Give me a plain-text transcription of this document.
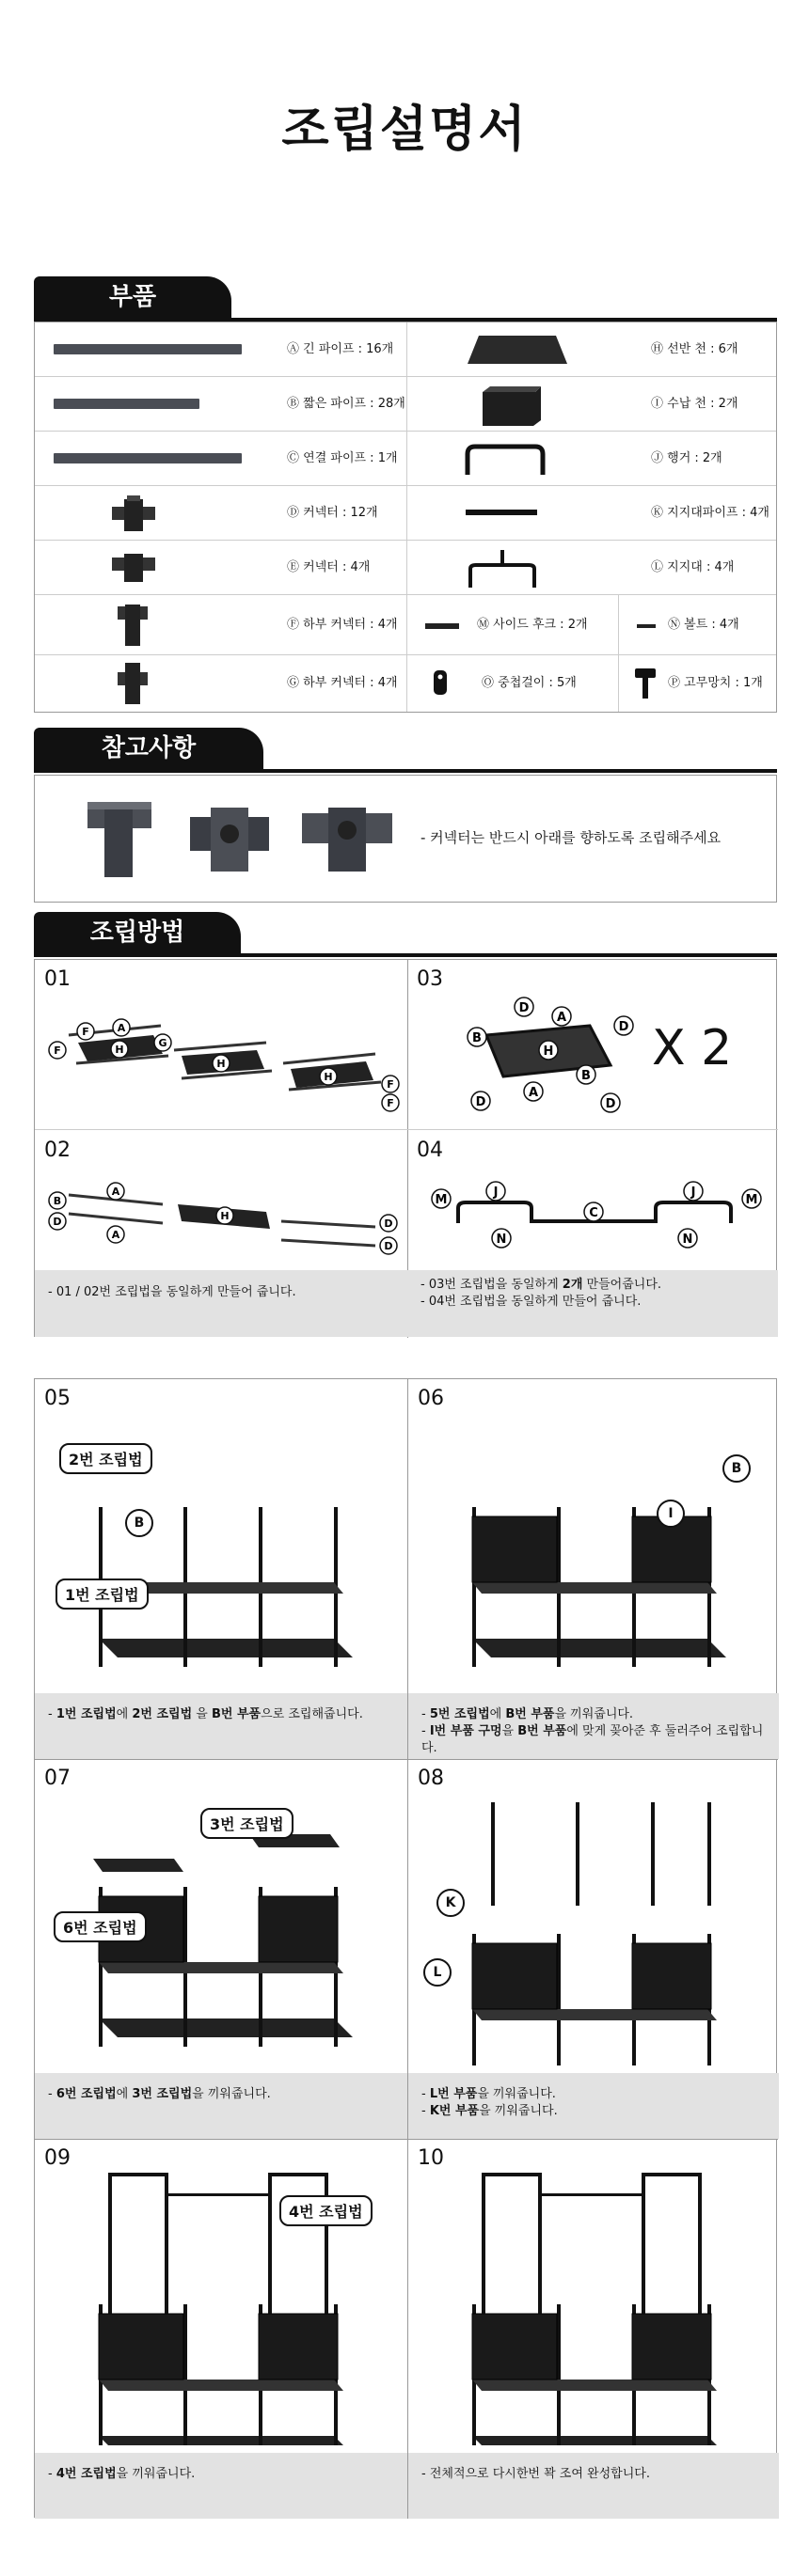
조립설명서
부품
Ⓐ 긴 파이프 : 16개	Ⓗ 선반 천 : 6개
Ⓑ 짧은 파이프 : 28개	Ⓘ 수납 천 : 2개
Ⓒ 연결 파이프 : 1개	Ⓙ 행거 : 2개
Ⓓ 커넥터 : 12개	Ⓚ 지지대파이프 : 4개
Ⓔ 커넥터 : 4개	Ⓛ 지지대 : 4개
Ⓕ 하부 커넥터 : 4개	Ⓜ 사이드 후크 : 2개	Ⓝ 볼트 : 4개
Ⓖ 하부 커넥터 : 4개	Ⓞ 중첩걸이 : 5개	Ⓟ 고무망치 : 1개
참고사항
- 커넥터는 반드시 아래를 향하도록 조립해주세요
조립방법
01
F
F	A
H
G
H
H
F
F
03
B
D
A
H
D
B
A
D	D
X 2
02
B
D
A
A
H
D
D
04
M
J
N
C
J
N
M
- 01 / 02번 조립법을 동일하게 만들어 줍니다.
- 03번 조립법을 동일하게 2개 만들어줍니다.
- 04번 조립법을 동일하게 만들어 줍니다.
05
2번 조립법
1번 조립법
B
- 1번 조립법에 2번 조립법 을 B번 부품으로 조립해줍니다.
06
B
I
- 5번 조립법에 B번 부품을 끼워줍니다.
- I번 부품 구멍을 B번 부품에 맞게 꽂아준 후 둘러주어 조립합니다.
07
3번 조립법
6번 조립법
- 6번 조립법에 3번 조립법을 끼워줍니다.
08
K
L
- L번 부품을 끼워줍니다.
- K번 부품을 끼워줍니다.
09
4번 조립법
- 4번 조립법을 끼워줍니다.
10
- 전체적으로 다시한번 꽉 조여 완성합니다.
